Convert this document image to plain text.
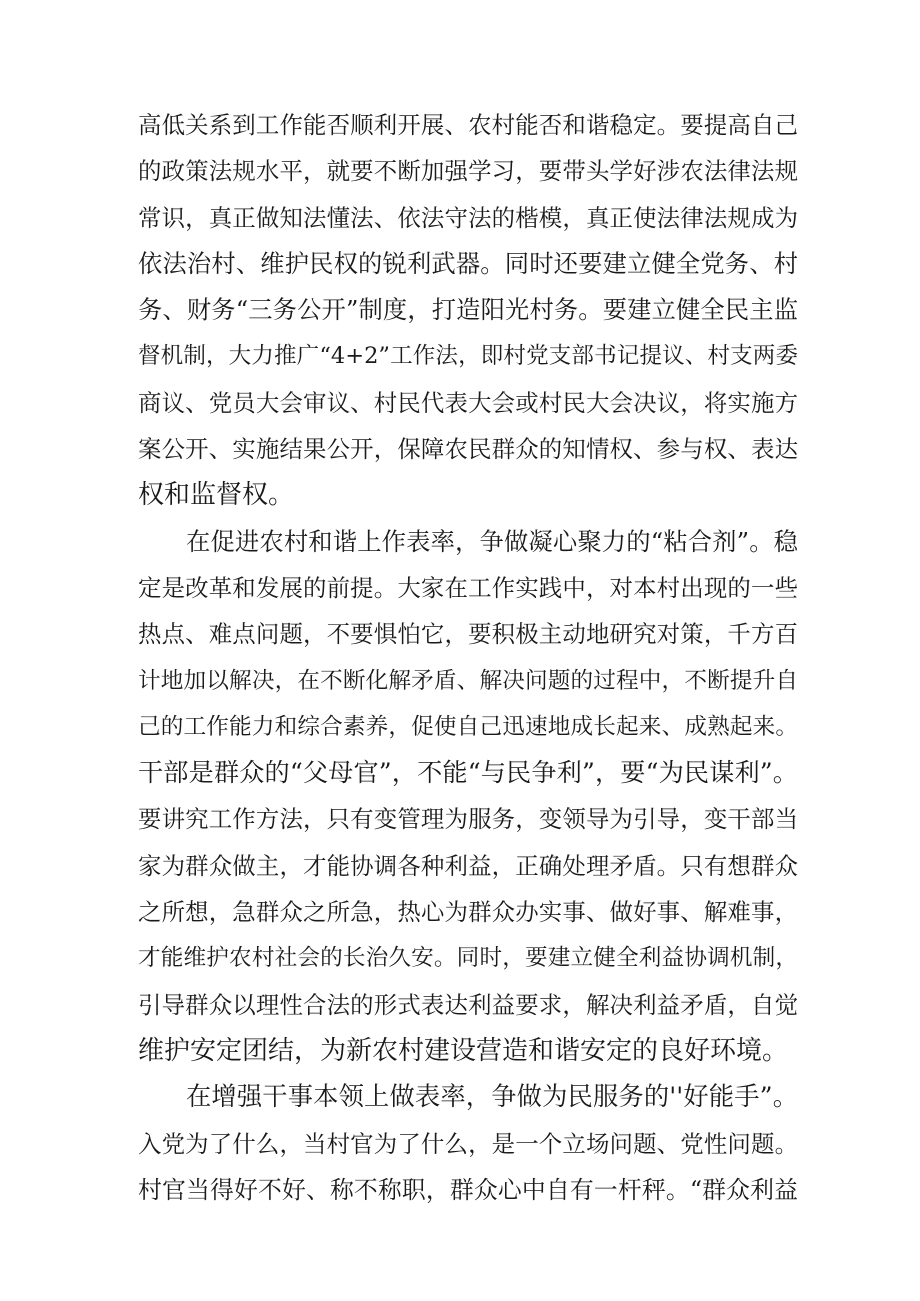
高低关系到工作能否顺利开展、农村能否和谐稳定。要提高自己
的政策法规水平，就要不断加强学习，要带头学好涉农法律法规
常识，真正做知法懂法、依法守法的楷模，真正使法律法规成为
依法治村、维护民权的锐利武器。同时还要建立健全党务、村
务、财务“三务公开”制度，打造阳光村务。要建立健全民主监
督机制，大力推广“4+2”工作法，即村党支部书记提议、村支两委
商议、党员大会审议、村民代表大会或村民大会决议，将实施方
案公开、实施结果公开，保障农民群众的知情权、参与权、表达
权和监督权。
在促进农村和谐上作表率，争做凝心聚力的“粘合剂”。稳
定是改革和发展的前提。大家在工作实践中，对本村出现的一些
热点、难点问题，不要惧怕它，要积极主动地研究对策，千方百
计地加以解决，在不断化解矛盾、解决问题的过程中，不断提升自
己的工作能力和综合素养，促使自己迅速地成长起来、成熟起来。
干部是群众的“父母官”，不能“与民争利”，要“为民谋利”。
要讲究工作方法，只有变管理为服务，变领导为引导，变干部当
家为群众做主，才能协调各种利益，正确处理矛盾。只有想群众
之所想，急群众之所急，热心为群众办实事、做好事、解难事，
才能维护农村社会的长治久安。同时，要建立健全利益协调机制，
引导群众以理性合法的形式表达利益要求，解决利益矛盾，自觉
维护安定团结，为新农村建设营造和谐安定的良好环境。
在增强干事本领上做表率，争做为民服务的''好能手”。
入党为了什么，当村官为了什么，是一个立场问题、党性问题。
村官当得好不好、称不称职，群众心中自有一杆秤。“群众利益
